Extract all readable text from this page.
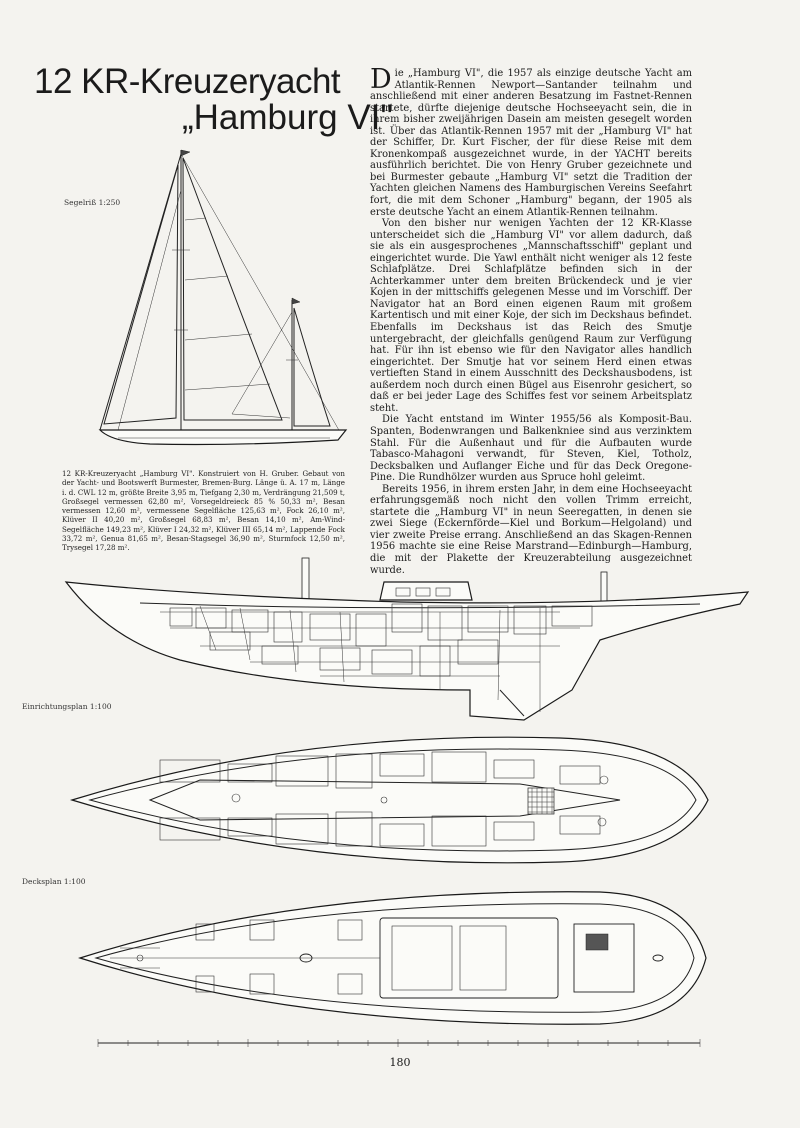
12 KR-Kreuzeryacht
„Hamburg VI"
Segelriß 1:250
Einrichtungsplan 1:100
Decksplan 1:100
12 KR-Kreuzeryacht „Hamburg VI". Konstruiert von H. Gruber. Gebaut von der Yacht- und Bootswerft Burmester, Bremen-Burg. Länge ü. A. 17 m, Länge i. d. CWL 12 m, größte Breite 3,95 m, Tiefgang 2,30 m, Verdrängung 21,509 t, Großsegel vermessen 62,80 m², Vorsegeldreieck 85 % 50,33 m², Besan vermessen 12,60 m², vermessene Segelfläche 125,63 m², Fock 26,10 m², Klüver II 40,20 m², Großsegel 68,83 m², Besan 14,10 m², Am-Wind-Segelfläche 149,23 m², Klüver I 24,32 m², Klüver III 65,14 m², Lappende Fock 33,72 m², Genua 81,65 m², Besan-Stagsegel 36,90 m², Sturmfock 12,50 m², Trysegel 17,28 m².

Die „Hamburg VI", die 1957 als einzige deutsche Yacht am Atlantik-Rennen Newport—Santander teilnahm und anschließend mit einer anderen Besatzung im Fastnet-Rennen startete, dürfte diejenige deutsche Hochseeyacht sein, die in ihrem bisher zweijährigen Dasein am meisten gesegelt worden ist. Über das Atlantik-Rennen 1957 mit der „Hamburg VI" hat der Schiffer, Dr. Kurt Fischer, der für diese Reise mit dem Kronenkompaß ausgezeichnet wurde, in der YACHT bereits ausführlich berichtet. Die von Henry Gruber gezeichnete und bei Burmester gebaute „Hamburg VI" setzt die Tradition der Yachten gleichen Namens des Hamburgischen Vereins Seefahrt fort, die mit dem Schoner „Hamburg" begann, der 1905 als erste deutsche Yacht an einem Atlantik-Rennen teilnahm.

Von den bisher nur wenigen Yachten der 12 KR-Klasse unterscheidet sich die „Hamburg VI" vor allem dadurch, daß sie als ein ausgesprochenes „Mannschaftsschiff" geplant und eingerichtet wurde. Die Yawl enthält nicht weniger als 12 feste Schlafplätze. Drei Schlafplätze befinden sich in der Achterkammer unter dem breiten Brückendeck und je vier Kojen in der mittschiffs gelegenen Messe und im Vorschiff. Der Navigator hat an Bord einen eigenen Raum mit großem Kartentisch und mit einer Koje, der sich im Deckshaus befindet. Ebenfalls im Deckshaus ist das Reich des Smutje untergebracht, der gleichfalls genügend Raum zur Verfügung hat. Für ihn ist ebenso wie für den Navigator alles handlich eingerichtet. Der Smutje hat vor seinem Herd einen etwas vertieften Stand in einem Ausschnitt des Deckshausbodens, ist außerdem noch durch einen Bügel aus Eisenrohr gesichert, so daß er bei jeder Lage des Schiffes fest vor seinem Arbeitsplatz steht.

Die Yacht entstand im Winter 1955/56 als Komposit-Bau. Spanten, Bodenwrangen und Balkenkniee sind aus verzinktem Stahl. Für die Außenhaut und für die Aufbauten wurde Tabasco-Mahagoni verwandt, für Steven, Kiel, Totholz, Decksbalken und Auflanger Eiche und für das Deck Oregone-Pine. Die Rundhölzer wurden aus Spruce hohl geleimt.

Bereits 1956, in ihrem ersten Jahr, in dem eine Hochseeyacht erfahrungsgemäß noch nicht den vollen Trimm erreicht, startete die „Hamburg VI" in neun Seeregatten, in denen sie zwei Siege (Eckernförde—Kiel und Borkum—Helgoland) und vier zweite Preise errang. Anschließend an das Skagen-Rennen 1956 machte sie eine Reise Marstrand—Edinburgh—Hamburg, die mit der Plakette der Kreuzerabteilung ausgezeichnet wurde.

180
